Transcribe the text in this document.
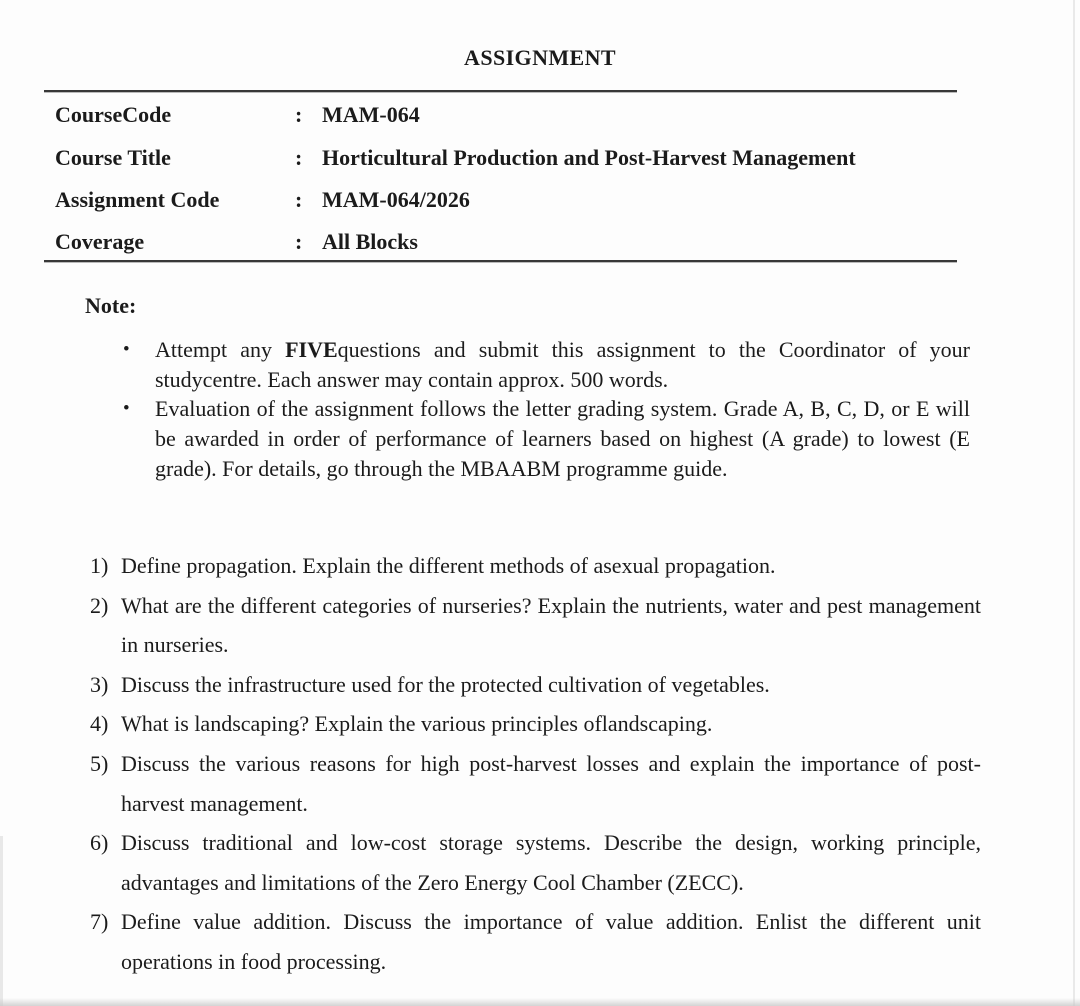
ASSIGNMENT
CourseCode	: MAM-064
Course Title	: Horticultural Production and Post-Harvest Management
Assignment Code	: MAM-064/2026
Coverage	: All Blocks
Note:
•	Attempt any FIVEquestions and submit this assignment to the Coordinator of your studycentre. Each answer may contain approx. 500 words.
•	Evaluation of the assignment follows the letter grading system. Grade A, B, C, D, or E will be awarded in order of performance of learners based on highest (A grade) to lowest (E grade). For details, go through the MBAABM programme guide.
1) Define propagation. Explain the different methods of asexual propagation.
2) What are the different categories of nurseries? Explain the nutrients, water and pest management in nurseries.
3) Discuss the infrastructure used for the protected cultivation of vegetables.
4) What is landscaping? Explain the various principles oflandscaping.
5) Discuss the various reasons for high post-harvest losses and explain the importance of post-harvest management.
6) Discuss traditional and low-cost storage systems. Describe the design, working principle, advantages and limitations of the Zero Energy Cool Chamber (ZECC).
7) Define value addition. Discuss the importance of value addition. Enlist the different unit operations in food processing.
